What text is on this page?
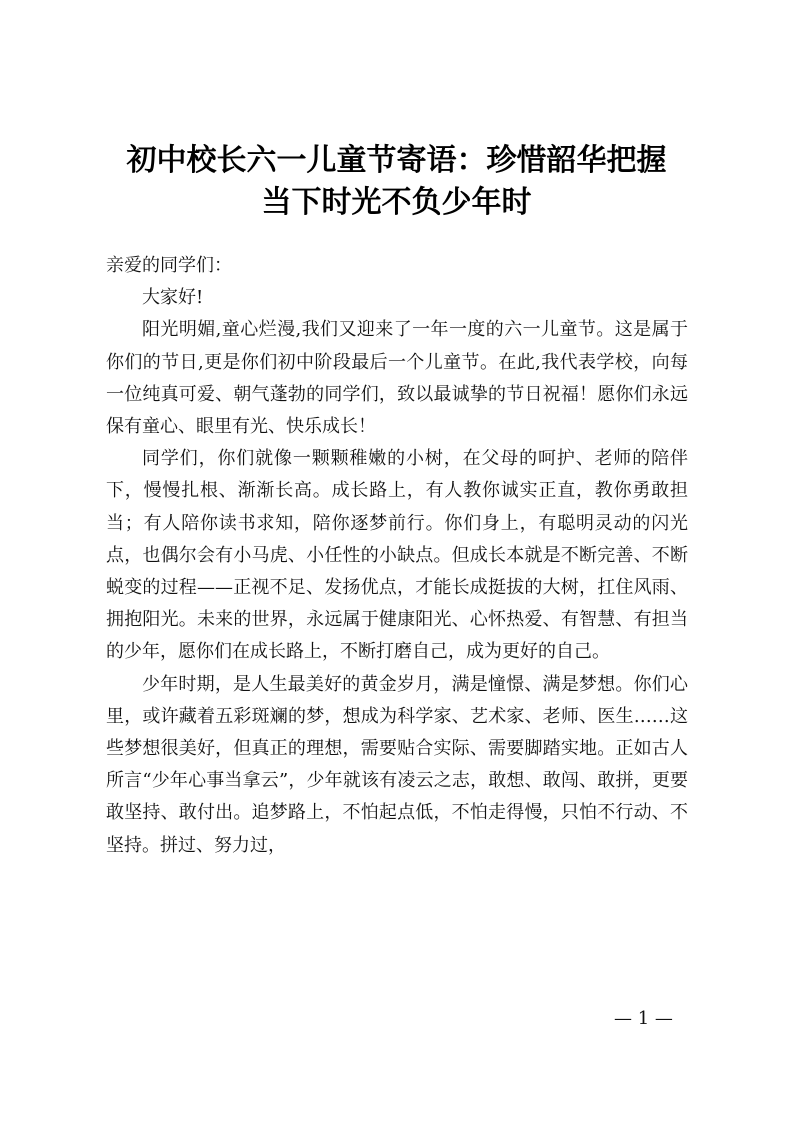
初中校长六一儿童节寄语：珍惜韶华把握
当下时光不负少年时

亲爱的同学们：

大家好!

阳光明媚,童心烂漫,我们又迎来了一年一度的六一儿童节。这是属于你们的节日,更是你们初中阶段最后一个儿童节。在此,我代表学校，向每一位纯真可爱、朝气蓬勃的同学们，致以最诚挚的节日祝福！愿你们永远保有童心、眼里有光、快乐成长！

同学们，你们就像一颗颗稚嫩的小树，在父母的呵护、老师的陪伴下，慢慢扎根、渐渐长高。成长路上，有人教你诚实正直，教你勇敢担当；有人陪你读书求知，陪你逐梦前行。你们身上，有聪明灵动的闪光点，也偶尔会有小马虎、小任性的小缺点。但成长本就是不断完善、不断蜕变的过程——正视不足、发扬优点，才能长成挺拔的大树，扛住风雨、拥抱阳光。未来的世界，永远属于健康阳光、心怀热爱、有智慧、有担当的少年，愿你们在成长路上，不断打磨自己，成为更好的自己。

少年时期，是人生最美好的黄金岁月，满是憧憬、满是梦想。你们心里，或许藏着五彩斑斓的梦，想成为科学家、艺术家、老师、医生……这些梦想很美好，但真正的理想，需要贴合实际、需要脚踏实地。正如古人所言“少年心事当拿云”，少年就该有凌云之志，敢想、敢闯、敢拼，更要敢坚持、敢付出。追梦路上，不怕起点低，不怕走得慢，只怕不行动、不坚持。拼过、努力过，

— 1 —
